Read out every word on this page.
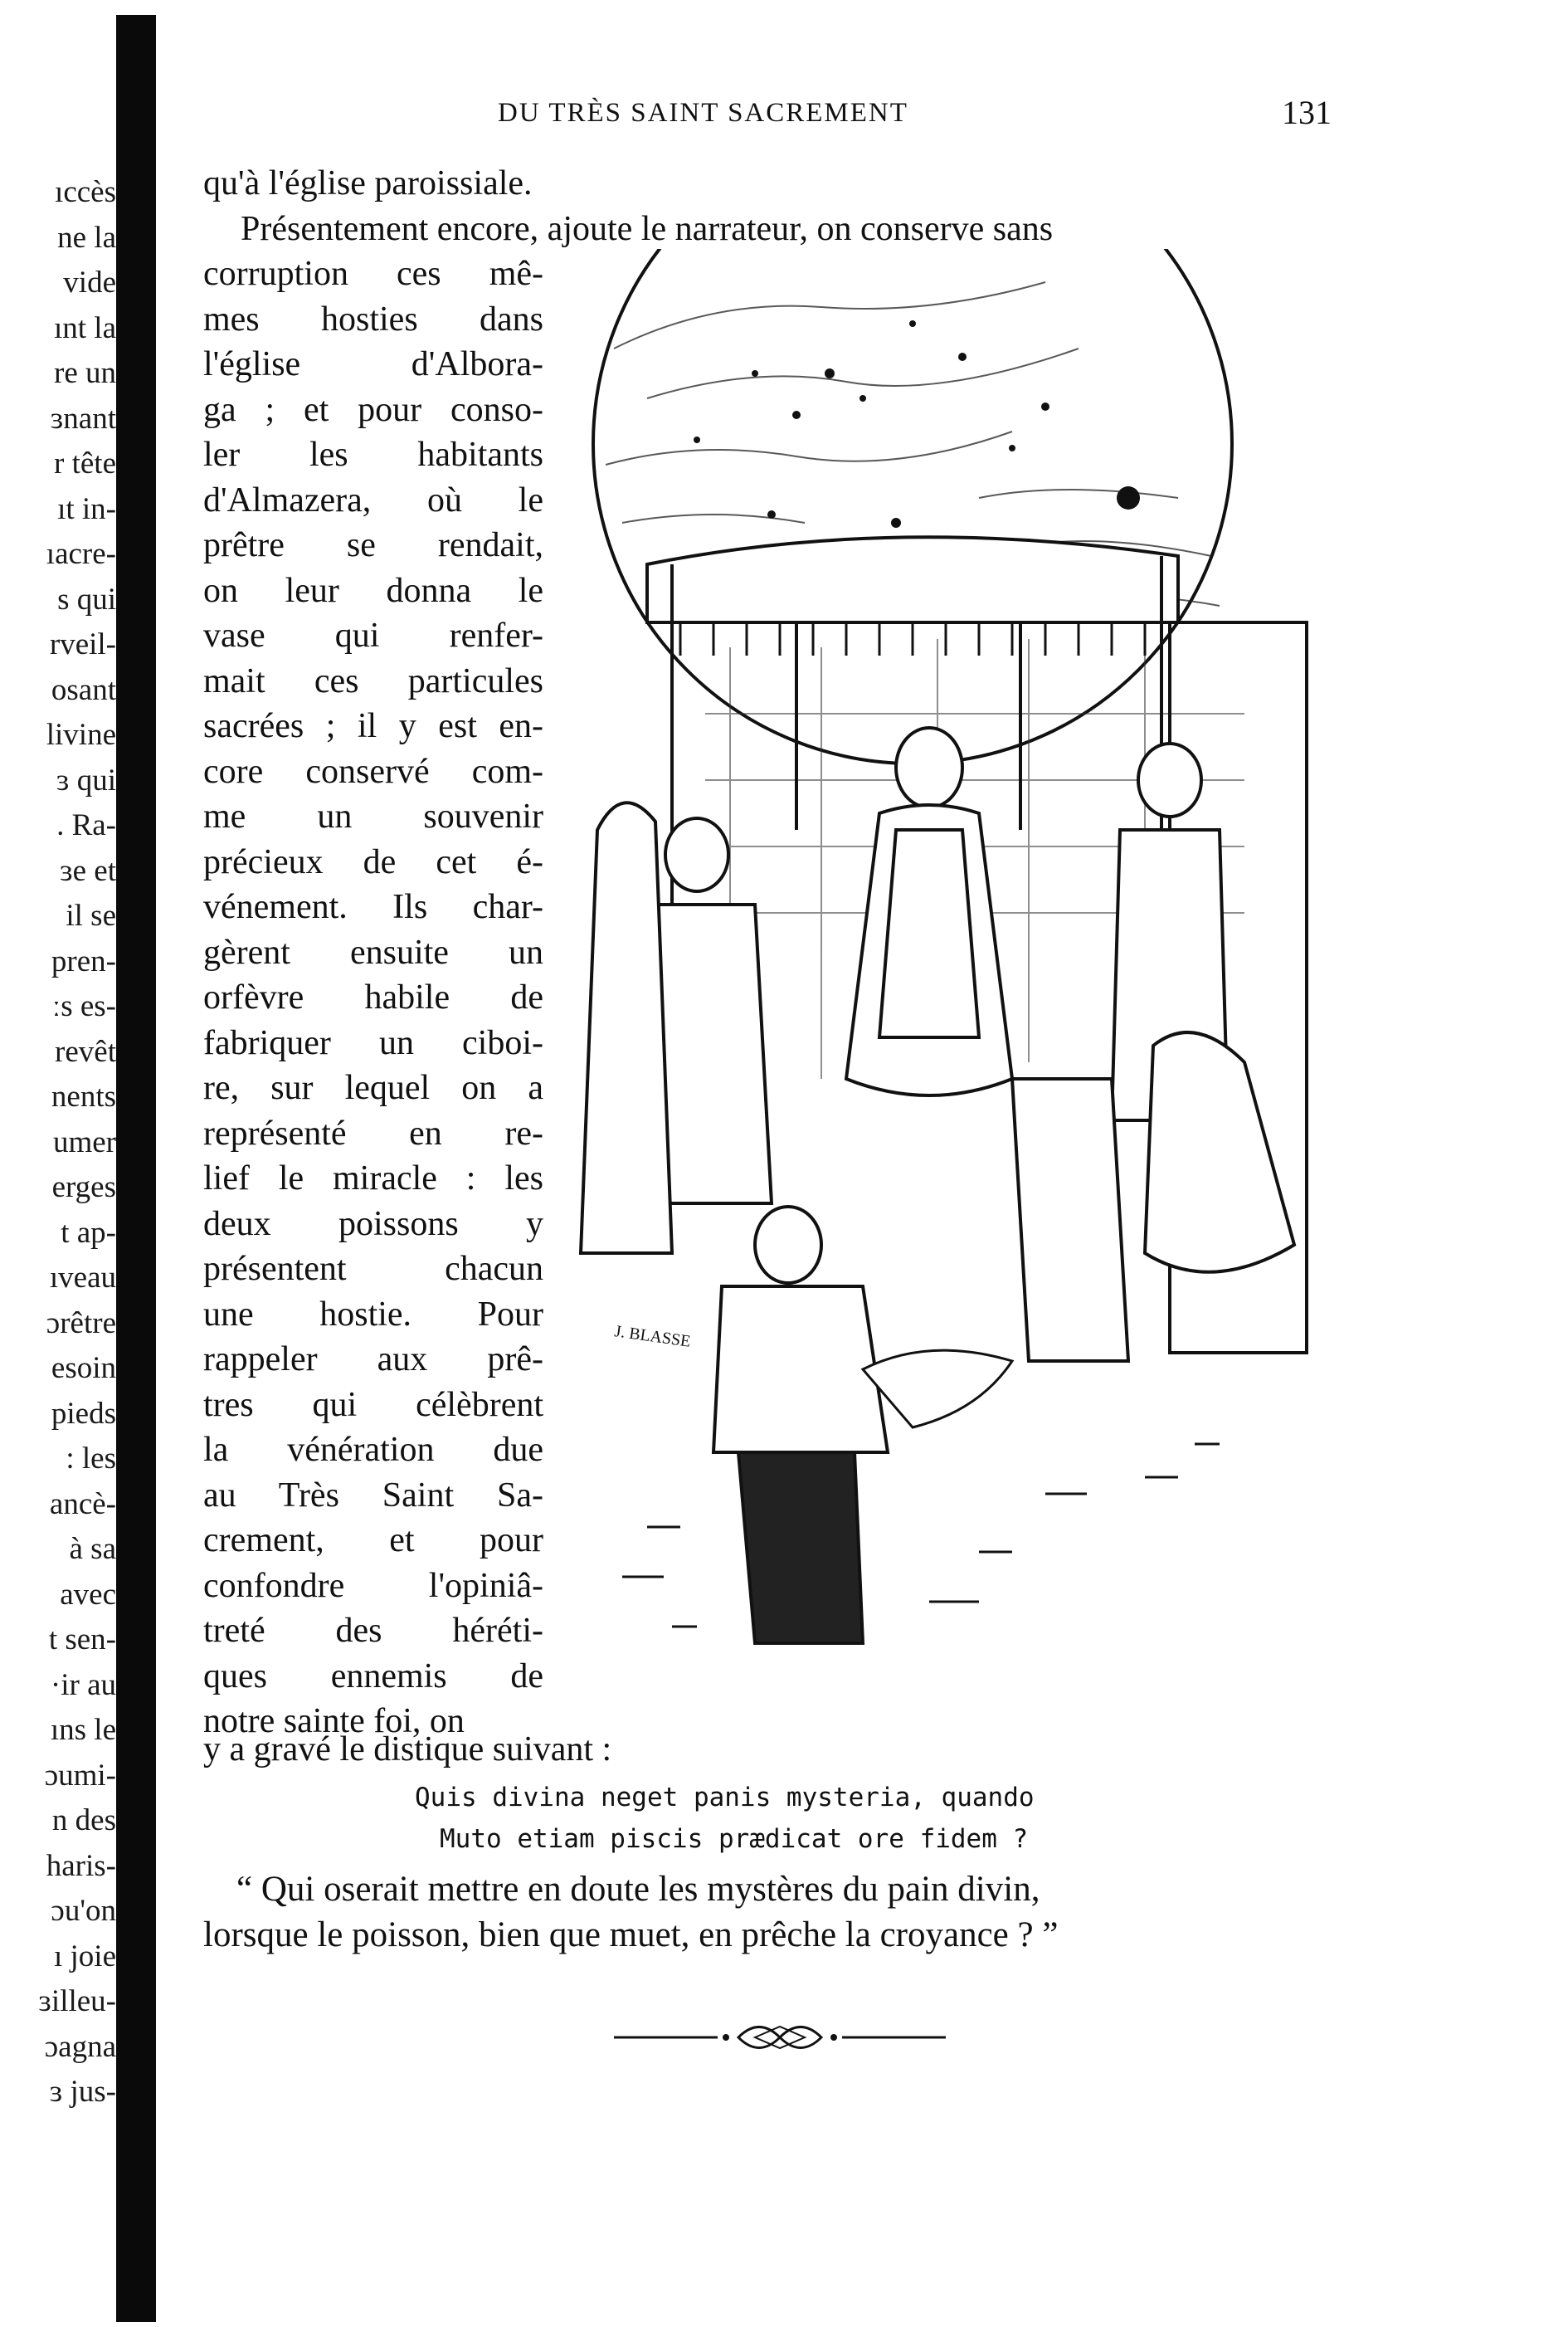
ıccès
ne la
vide
ınt la
re un
ɜnant
r tête
ıt in-
ıacre-
s qui
rveil-
osant
livine
ɜ qui
. Ra-
ɜe et
il se
pren-
ːs es-
revêt
nents
umer
erges
t ap-
ıveau
ɔrêtre
esoin
pieds
: les
ancè-
à sa
avec
t sen-
·ir au
ıns le
ɔumi-
n des
haris-
ɔu'on
ı joie
ɜilleu-
ɔagna
ɜ jus-
DU TRÈS SAINT SACREMENT	131
qu'à l'église paroissiale.
Présentement encore, ajoute le narrateur, on conserve sans
corruption ces mê-
mes hosties dans
l'église d'Albora-
ga ; et pour conso-
ler les habitants
d'Almazera, où le
prêtre se rendait,
on leur donna le
vase qui renfer-
mait ces particules
sacrées ; il y est en-
core conservé com-
me un souvenir
précieux de cet é-
vénement. Ils char-
gèrent ensuite un
orfèvre habile de
fabriquer un ciboi-
re, sur lequel on a
représenté en re-
lief le miracle : les
deux poissons y
présentent chacun
une hostie. Pour
rappeler aux prê-
tres qui célèbrent
la vénération due
au Très Saint Sa-
crement, et pour
confondre l'opiniâ-
treté des héréti-
ques ennemis de
notre sainte foi, on
J. BLASSE
y a gravé le distique suivant :
Quis divina neget panis mysteria, quando
Muto etiam piscis prædicat ore fidem ?
“ Qui oserait mettre en doute les mystères du pain divin,
lorsque le poisson, bien que muet, en prêche la croyance ? ”
